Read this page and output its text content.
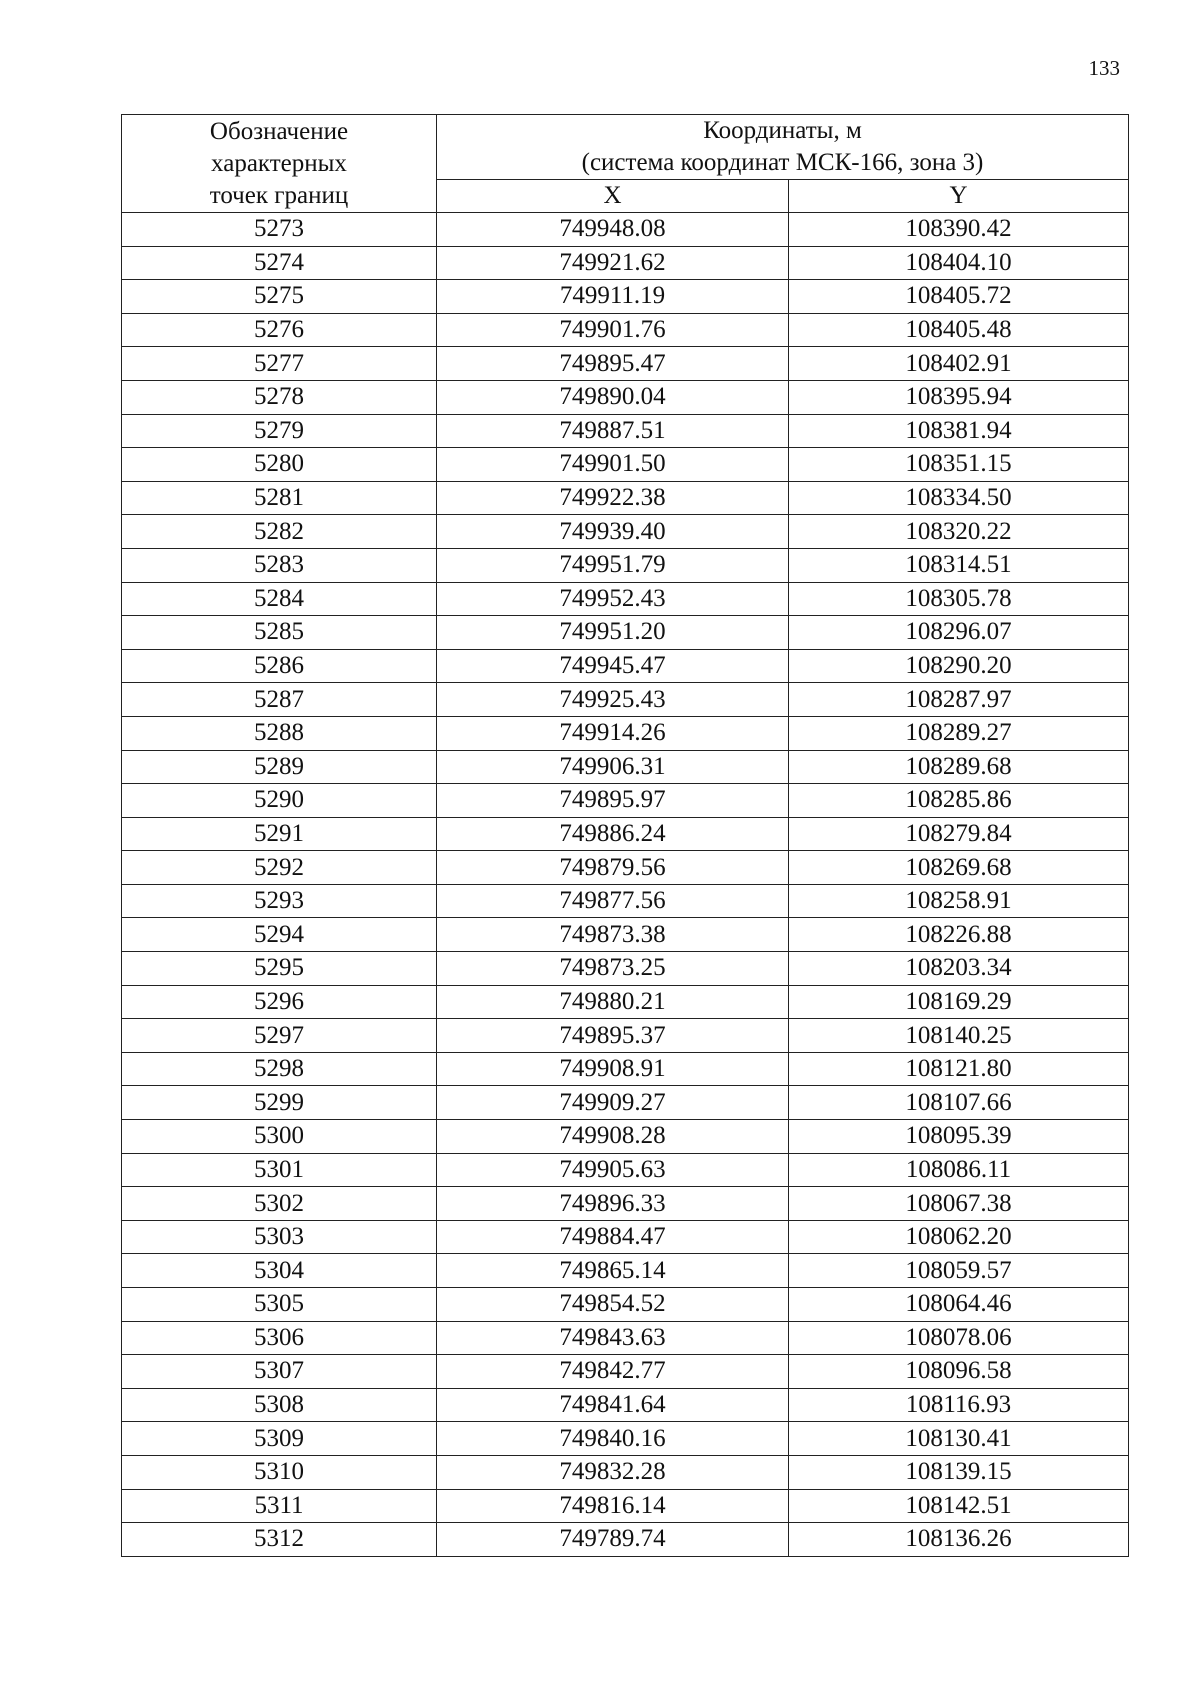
133
Обозначение
характерных
точек границ	Координаты, м
(система координат МСК-166, зона 3)	

	X	Y
5273	749948.08	108390.42
5274	749921.62	108404.10
5275	749911.19	108405.72
5276	749901.76	108405.48
5277	749895.47	108402.91
5278	749890.04	108395.94
5279	749887.51	108381.94
5280	749901.50	108351.15
5281	749922.38	108334.50
5282	749939.40	108320.22
5283	749951.79	108314.51
5284	749952.43	108305.78
5285	749951.20	108296.07
5286	749945.47	108290.20
5287	749925.43	108287.97
5288	749914.26	108289.27
5289	749906.31	108289.68
5290	749895.97	108285.86
5291	749886.24	108279.84
5292	749879.56	108269.68
5293	749877.56	108258.91
5294	749873.38	108226.88
5295	749873.25	108203.34
5296	749880.21	108169.29
5297	749895.37	108140.25
5298	749908.91	108121.80
5299	749909.27	108107.66
5300	749908.28	108095.39
5301	749905.63	108086.11
5302	749896.33	108067.38
5303	749884.47	108062.20
5304	749865.14	108059.57
5305	749854.52	108064.46
5306	749843.63	108078.06
5307	749842.77	108096.58
5308	749841.64	108116.93
5309	749840.16	108130.41
5310	749832.28	108139.15
5311	749816.14	108142.51
5312	749789.74	108136.26
